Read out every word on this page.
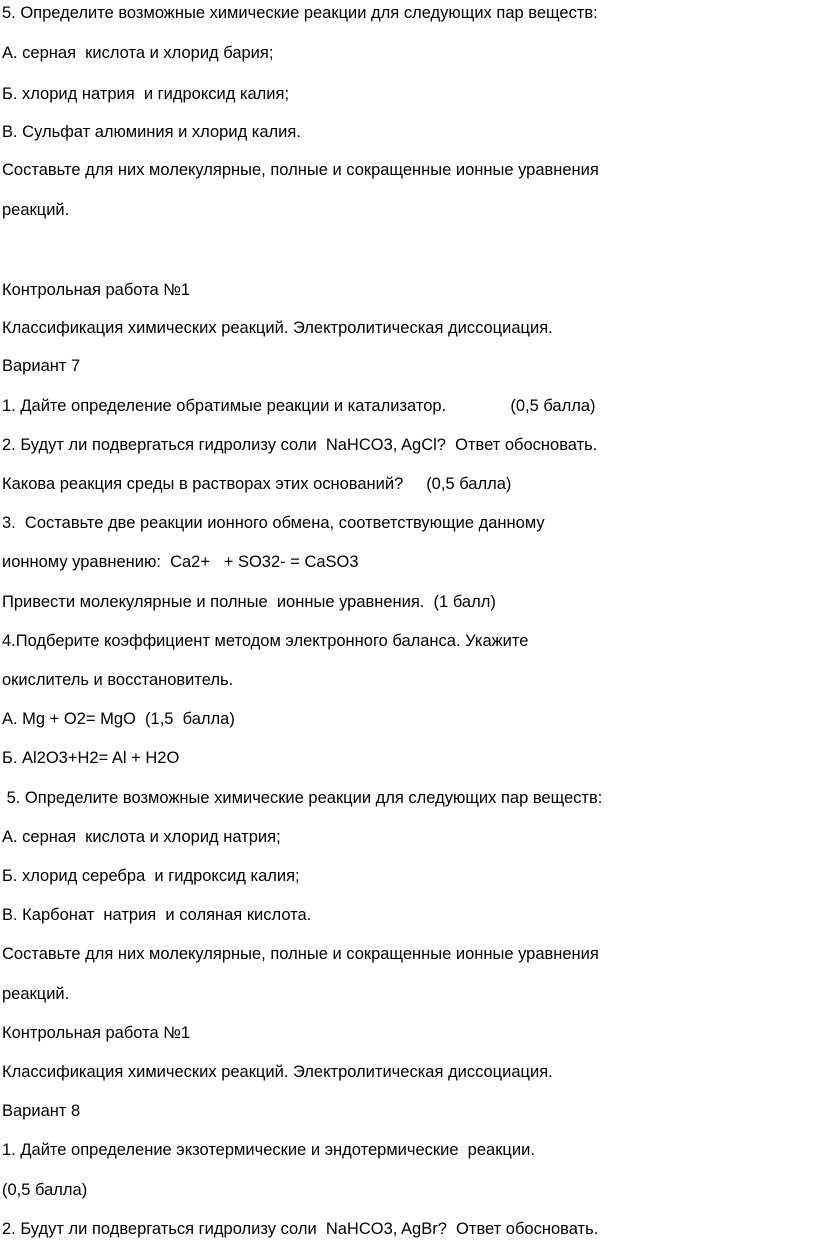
5. Определите возможные химические реакции для следующих пар веществ:
А. серная  кислота и хлорид бария;
Б. хлорид натрия  и гидроксид калия;
В. Сульфат алюминия и хлорид калия.
Составьте для них молекулярные, полные и сокращенные ионные уравнения
реакций.
Контрольная работа №1
Классификация химических реакций. Электролитическая диссоциация.
Вариант 7
1. Дайте определение обратимые реакции и катализатор.              (0,5 балла)
2. Будут ли подвергаться гидролизу соли  NaHCO3, AgCl?  Ответ обосновать.
Какова реакция среды в растворах этих оснований?     (0,5 балла)
3.  Составьте две реакции ионного обмена, соответствующие данному
ионному уравнению:  Ca2+   + SO32- = CaSO3
Привести молекулярные и полные  ионные уравнения.  (1 балл)
4.Подберите коэффициент методом электронного баланса. Укажите
окислитель и восстановитель.
А. Mg + O2= MgO  (1,5  балла)
Б. Al2O3+H2= Al + H2O
5. Определите возможные химические реакции для следующих пар веществ:
А. серная  кислота и хлорид натрия;
Б. хлорид серебра  и гидроксид калия;
В. Карбонат  натрия  и соляная кислота.
Составьте для них молекулярные, полные и сокращенные ионные уравнения
реакций.
Контрольная работа №1
Классификация химических реакций. Электролитическая диссоциация.
Вариант 8
1. Дайте определение экзотермические и эндотермические  реакции.
(0,5 балла)
2. Будут ли подвергаться гидролизу соли  NaHCO3, AgBr?  Ответ обосновать.
